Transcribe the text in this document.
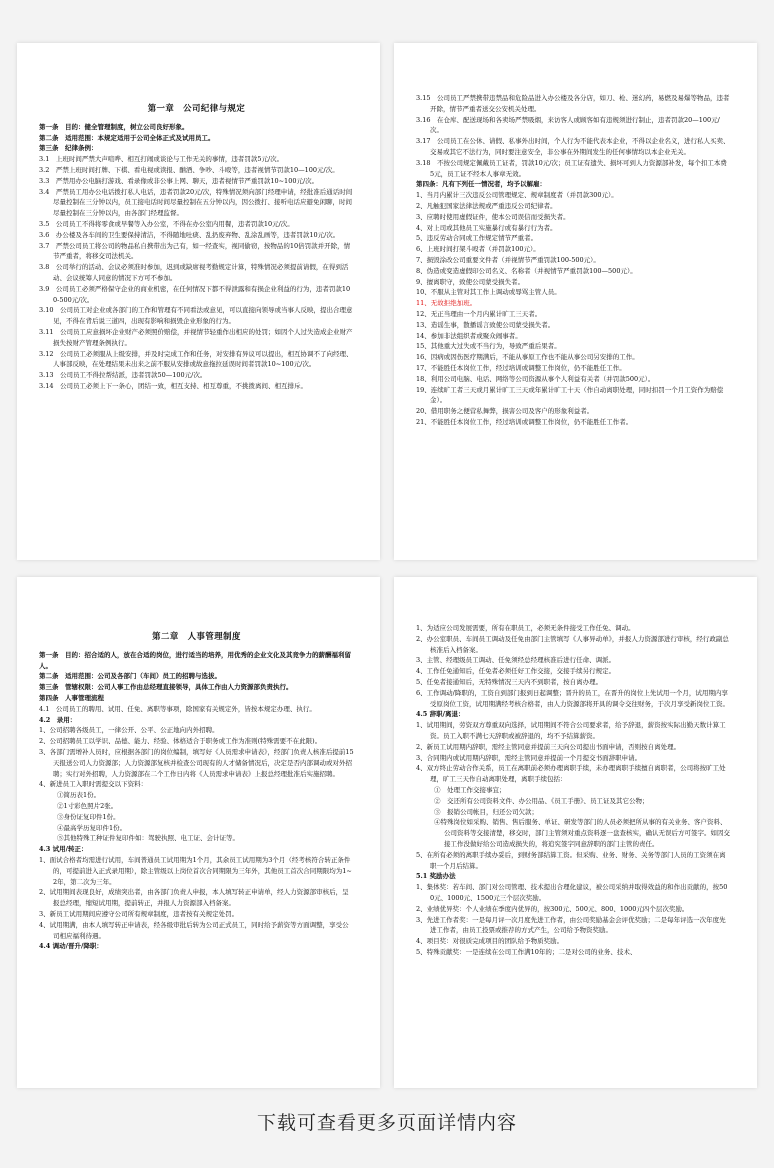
第一章　公司纪律与规定

第一条　目的：健全管理制度，树立公司良好形象。

第二条　适用范围：本规定适用于公司全体正式及试用员工。

第三条　纪律条例：

3.1　上班时间严禁大声喧哗、相互打闹或谈论与工作无关的事情，违者罚款5元/次。

3.2　严禁上班时间打牌、下棋、看电视或读报、酗酒、争吵、斗殴等，违者视情节罚款10—100元/次。

3.3　严禁用办公电脑打游戏、看录像或非公事上网、聊天，违者视情节严重罚款10~100元/次。

3.4　严禁员工用办公电话拨打私人电话，违者罚款20元/次，特殊情况须向部门经理申请，经批准后通话时间尽量控制在三分钟以内，员工接电话时间尽量控制在五分钟以内，因公拨打、接听电话应避免闲聊，时间尽量控制在三分钟以内，由各部门经理监督。

3.5　公司员工不得将零食或早餐等入办公室，不得在办公室内用餐，违者罚款10元/次。

3.6　办公楼及各车间的卫生要保持清洁，不得随地吐痰、乱扔废弃物、乱涂乱画等，违者罚款10元/次。

3.7　严禁公司员工将公司的物品私自携带出为己有，如一经查实，视同偷窃，按物品的10倍罚款并开除，情节严重者，将移交司法机关。

3.8　公司举行的活动、会议必须准时参加，迟到或缺席视考勤规定计算，特殊情况必须提前请假，在得到活动、会议统筹人同意的情况下方可不参加。

3.9　公司员工必须严格保守企业的商业机密，在任何情况下都不得泄露和有损企业利益的行为，违者罚款100-500元/次。

3.10　公司员工对企业或各部门的工作和管理有不同看法或意见，可以直接向领导或当事人反映，提出合理意见，不得在背后说三道四，出现有影响和损毁企业形象的行为。

3.11　公司员工应意损坏企业财产必须照价赔偿，并视情节轻重作出相应的处罚；如因个人过失造成企业财产损失按财产管理条例执行。

3.12　公司员工必须服从上级安排，并及时完成工作和任务，对安排有异议可以提出，相互协调不了向经理、人事部反映，在处理结果未出来之前不服从安排或故意拖拉延误时间者罚款10~100元/次。

3.13　公司员工不得拉帮结派，违者罚款50—100元/次。

3.14　公司员工必须上下一条心，团结一致，相互支持、相互尊重，不挑拨离间、相互排斥。

3.15　公司员工严禁携带违禁品和危险品进入办公楼及各分店，如刀、枪、迷幻药，易燃及易爆等物品，违者开除，情节严重者送交公安机关处理。

3.16　在仓库、配送现场和各卖场严禁吸烟，来访客人或顾客如有违规须进行制止，违者罚款20—100元/次。

3.17　公司员工在公休、请假、私事外出时间，个人行为不能代表本企业，不得以企业名义，进行私人买卖、交易或其它不法行为，同时要注意安全，非公事在外期间发生的任何事情均以本企业无关。

3.18　不按公司规定佩戴员工证者，罚款10元/次；员工证有遗失、损坏可到人力资源部补发，每个扣工本费5元，员工证不经本人事章无效。

第四条：凡有下列任一情况者，均予以解雇：

1、当月内累计三次违反公司管理规定、规章制度者（并罚款300元）。

2、凡触犯国家法律法规或严重违反公司纪律者。

3、应聘时使用虚假证件，使本公司误信而受损失者。

4、对上司或其他员工实施暴行或有暴行行为者。

5、违反劳动合同或工作规定情节严重者。

6、上班时间打架斗殴者（并罚款100元）。

7、损毁涂改公司重要文件者（并视情节严重罚款100-500元）。

8、伪造或变造虚假印公司名义、名称者（并视情节严重罚款100—500元）。

9、擅离职守，致使公司蒙受损失者。

10、不服从主管对其工作上调动或辱骂主管人员。

11、无故拒绝加班。

12、无正当理由一个月内累计旷工三天者。

13、造谣生事，散播谣言致使公司蒙受损失者。

14、参加非法组织者或聚众闹事者。

15、其他重大过失或不当行为，导致严重后果者。

16、因病或因伤医疗期满后，不能从事原工作也不能从事公司另安排的工作。

17、不能胜任本岗位工作，经过培训或调整工作岗位，仍不能胜任工作。

18、利用公司电脑、电话、网络等公司资源从事个人利益有关者（并罚款500元）。

19、连续旷工者三天或月累计旷工三天或年累计旷工十天（作自动离职处理，同时扣罚一个月工资作为赔偿金）。

20、借用职务之便营私舞弊，损害公司及客户的形象利益者。

21、不能胜任本岗位工作，经过培训或调整工作岗位，仍不能胜任工作者。

第二章　人事管理制度

第一条　目的：招合适的人，放在合适的岗位，进行适当的培养，用优秀的企业文化及其竞争力的薪酬福利留人。

第二条　适用范围：公司及各部门（车间）员工的招聘与选拔。

第三条　管辖权限：公司人事工作由总经理直接领导，具体工作由人力资源部负责执行。

第四条　人事管理流程

4.1　公司员工的聘用、试用、任免、离职等事项，除国家有关规定外，皆按本规定办理、执行。

4.2　录用：

1、公司招聘各级员工，一律公开、公平、公正地向内外招聘。

2、公司招聘员工以学识、品德、能力、经验、体格适合于职务或工作为准则(特殊需要不在此限)。

3、各部门需增补人员时，应根据各部门的岗位编制，填写好《人员需求申请表》，经部门负责人核准后提前15天报送公司人力资源部；人力资源部复核并检查公司现有的人才储备情况后，决定是否内部调动或对外招聘；实行对外招聘，人力资源部在二个工作日内将《人员需求申请表》上报总经理批准后实施招聘。

4、新进员工入职时需提交以下资料：

①简历表1份。

②1寸彩色照片2张。

③身份证复印件1份。

④最高学历复印件1份。

⑤其他特殊工种证件复印件如：驾驶执照、电工证、会计证等。

4.3 试用/转正：

1、面试合格者均需进行试用，车间普通员工试用期为1个月，其余员工试用期为3个月（经考核符合转正条件的，可提前进入正式录用期），除主管级以上岗位首次合同期限为三年外，其他员工首次合同期限均为1~2年，第二次为三年。

2、试用期间表现良好，成绩突出者，由各部门负责人申报，本人填写转正申请单，经人力资源部审核后，呈报总经理，缩短试用期，提前转正，并报人力资源部入档备案。

3、新员工试用期间应遵守公司所有规章制度，违者按有关规定处罚。

4、试用期满，由本人填写转正申请表，经各级审批后转为公司正式员工，同时给予薪资等方面调整，享受公司相应福利待遇。

4.4 调动/晋升/降职：

1、为适应公司发展需要，所有在职员工，必须无条件接受工作任免、调动。

2、办公室职员、车间员工调动及任免由部门主管填写《人事异动单》，并报人力资源部进行审核，经行政副总核准后入档备案。

3、主管、经理级员工调动、任免须经总经理核准后进行任命、调派。

4、工作任免通知后，任免者必须任好工作交接，交接手续另行规定。

5、任免者接通知后，无特殊情况三天内不到职者，按自离办理。

6、工作调动/降职的，工资自到部门报到日起调整；晋升的员工，在晋升的岗位上先试用一个月，试用期内享受原岗位工资，试用期满经考核合格者，由人力资源部将开具的调令交往财务，于次月享受新岗位工资。

4.5 辞职/离退：

1、试用期间，劳资双方尊重双向选择，试用期间不符合公司要求者，给予辞退，薪资按实际出勤天数计算工资。员工入职不满七天辞职或被辞退的，均不予结算薪资。

2、新员工试用期内辞职，需经主管同意并提前三天向公司提出书面申请，否则按自离处理。

3、合同期内或试用期内辞职，需经主管同意并提前一个月提交书面辞职申请。

4、双方终止劳动合作关系，员工在离职前必须办理离职手续，未办理离职手续擅自离职者，公司将按旷工处理，旷工三天作自动离职处理，离职手续包括：

①　处理工作交接事宜；

②　交还所有公司资料文件、办公用品、《员工手册》、员工证及其它公物；

③　报销公司帐目，归还公司欠款；

④特殊岗位如采购、销售、售后服务、单证、研发等部门的人员必须把所从事的有关业务、客户资料、公司资料等交接清楚，移交时，部门主管须对重点资料逐一盘查核实，确认无误后方可签字。如因交接工作没做好给公司造成损失的，将追究签字同意辞职的部门主管的责任。

5、在所有必须的离职手续办妥后，到财务部结算工资。但采购、业务、财务、关务等部门人员的工资须在离职一个月后结算。

5.1 奖励办法

1、集体奖：若车间、部门对公司管理、技术提出合理化建议，被公司采纳并取得效益的和作出贡献的，按500元、1000元、1500元三个层次奖励。

2、业绩优异奖：个人业绩在季度内优异的，按300元、500元、800、1000元四个层次奖励。

3、先进工作者奖：一是每月评一次月度先进工作者，由公司奖励基金会评优奖励；二是每年评选一次年度先进工作者，由员工投票或推荐的方式产生，公司给予物资奖励。

4、项目奖：对很质完成项目的团队给予物质奖励。

5、特殊贡献奖：一是连续在公司工作满10年的；二是对公司的业务、技术、

下载可查看更多页面详情内容
